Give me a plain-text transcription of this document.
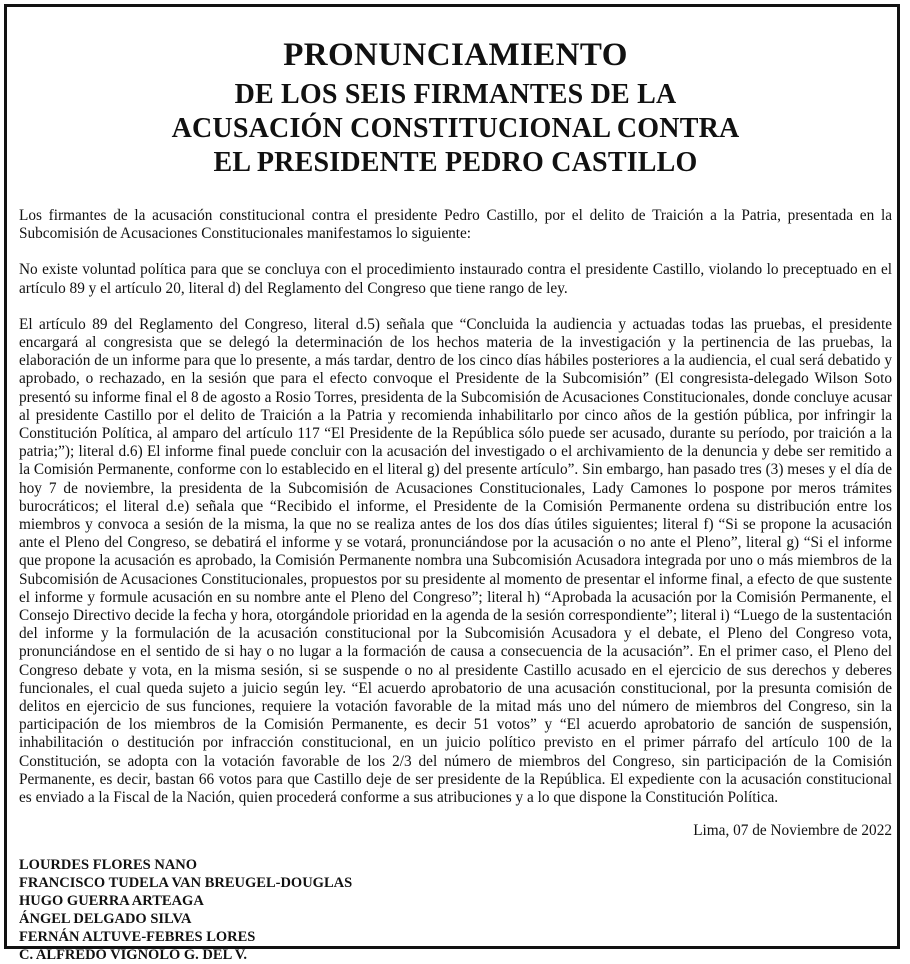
PRONUNCIAMIENTO
DE LOS SEIS FIRMANTES DE LA
ACUSACIÓN CONSTITUCIONAL CONTRA
EL PRESIDENTE PEDRO CASTILLO

Los firmantes de la acusación constitucional contra el presidente Pedro Castillo, por el delito de Traición a la Patria, presentada en la Subcomisión de Acusaciones Constitucionales manifestamos lo siguiente:

No existe voluntad política para que se concluya con el procedimiento instaurado contra el presidente Castillo, violando lo preceptuado en el artículo 89 y el artículo 20, literal d) del Reglamento del Congreso que tiene rango de ley.

El artículo 89 del Reglamento del Congreso, literal d.5) señala que “Concluida la audiencia y actuadas todas las pruebas, el presidente encargará al congresista que se delegó la determinación de los hechos materia de la investigación y la pertinencia de las pruebas, la elaboración de un informe para que lo presente, a más tardar, dentro de los cinco días hábiles posteriores a la audiencia, el cual será debatido y aprobado, o rechazado, en la sesión que para el efecto convoque el Presidente de la Subcomisión” (El congresista-delegado Wilson Soto presentó su informe final el 8 de agosto a Rosio Torres, presidenta de la Subcomisión de Acusaciones Constitucionales, donde concluye acusar al presidente Castillo por el delito de Traición a la Patria y recomienda inhabilitarlo por cinco años de la gestión pública, por infringir la Constitución Política, al amparo del artículo 117 “El Presidente de la República sólo puede ser acusado, durante su período, por traición a la patria;”); literal d.6) El informe final puede concluir con la acusación del investigado o el archivamiento de la denuncia y debe ser remitido a la Comisión Permanente, conforme con lo establecido en el literal g) del presente artículo”. Sin embargo, han pasado tres (3) meses y el día de hoy 7 de noviembre, la presidenta de la Subcomisión de Acusaciones Constitucionales, Lady Camones lo pospone por meros trámites burocráticos; el literal d.e) señala que “Recibido el informe, el Presidente de la Comisión Permanente ordena su distribución entre los miembros y convoca a sesión de la misma, la que no se realiza antes de los dos días útiles siguientes; literal f) “Si se propone la acusación ante el Pleno del Congreso, se debatirá el informe y se votará, pronunciándose por la acusación o no ante el Pleno”, literal g) “Si el informe que propone la acusación es aprobado, la Comisión Permanente nombra una Subcomisión Acusadora integrada por uno o más miembros de la Subcomisión de Acusaciones Constitucionales, propuestos por su presidente al momento de presentar el informe final, a efecto de que sustente el informe y formule acusación en su nombre ante el Pleno del Congreso”; literal h) “Aprobada la acusación por la Comisión Permanente, el Consejo Directivo decide la fecha y hora, otorgándole prioridad en la agenda de la sesión correspondiente”; literal i) “Luego de la sustentación del informe y la formulación de la acusación constitucional por la Subcomisión Acusadora y el debate, el Pleno del Congreso vota, pronunciándose en el sentido de si hay o no lugar a la formación de causa a consecuencia de la acusación”. En el primer caso, el Pleno del Congreso debate y vota, en la misma sesión, si se suspende o no al presidente Castillo acusado en el ejercicio de sus derechos y deberes funcionales, el cual queda sujeto a juicio según ley. “El acuerdo aprobatorio de una acusación constitucional, por la presunta comisión de delitos en ejercicio de sus funciones, requiere la votación favorable de la mitad más uno del número de miembros del Congreso, sin la participación de los miembros de la Comisión Permanente, es decir 51 votos” y “El acuerdo aprobatorio de sanción de suspensión, inhabilitación o destitución por infracción constitucional, en un juicio político previsto en el primer párrafo del artículo 100 de la Constitución, se adopta con la votación favorable de los 2/3 del número de miembros del Congreso, sin participación de la Comisión Permanente, es decir, bastan 66 votos para que Castillo deje de ser presidente de la República. El expediente con la acusación constitucional es enviado a la Fiscal de la Nación, quien procederá conforme a sus atribuciones y a lo que dispone la Constitución Política.

Lima, 07 de Noviembre de 2022
LOURDES FLORES NANO
FRANCISCO TUDELA VAN BREUGEL-DOUGLAS
HUGO GUERRA ARTEAGA
ÁNGEL DELGADO SILVA
FERNÁN ALTUVE-FEBRES LORES
C. ALFREDO VIGNOLO G. DEL V.
